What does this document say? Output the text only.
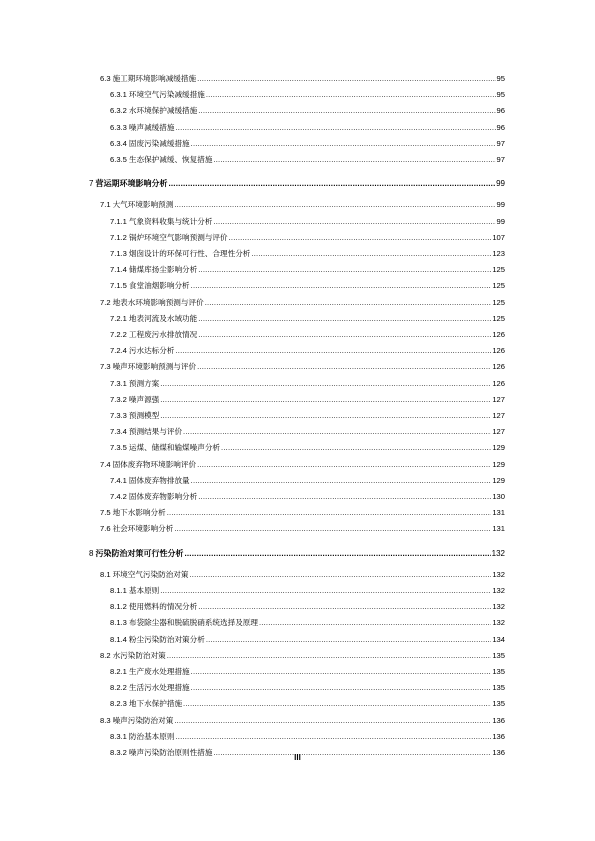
6.3 施工期环境影响减缓措施 .....	95
6.3.1 环境空气污染减缓措施 .....	95
6.3.2 水环境保护减缓措施 .....	96
6.3.3 噪声减缓措施 .....	96
6.3.4 固废污染减缓措施 .....	97
6.3.5 生态保护减缓、恢复措施 .....	97
7 营运期环境影响分析 .....	99
7.1 大气环境影响预测 .....	99
7.1.1 气象资料收集与统计分析 .....	99
7.1.2 锅炉环境空气影响预测与评价 .....	107
7.1.3 烟囱设计的环保可行性、合理性分析 .....	123
7.1.4 储煤库扬尘影响分析 .....	125
7.1.5 食堂油烟影响分析 .....	125
7.2 地表水环境影响预测与评价 .....	125
7.2.1 地表河流及水域功能 .....	125
7.2.2 工程废污水排放情况 .....	126
7.2.4 污水达标分析 .....	126
7.3 噪声环境影响预测与评价 .....	126
7.3.1 预测方案 .....	126
7.3.2 噪声源强 .....	127
7.3.3 预测模型 .....	127
7.3.4 预测结果与评价 .....	127
7.3.5 运煤、储煤和输煤噪声分析 .....	129
7.4 固体废弃物环境影响评价 .....	129
7.4.1 固体废弃物排放量 .....	129
7.4.2 固体废弃物影响分析 .....	130
7.5 地下水影响分析 .....	131
7.6 社会环境影响分析 .....	131
8 污染防治对策可行性分析 .....	132
8.1 环境空气污染防治对策 .....	132
8.1.1 基本原则 .....	132
8.1.2 使用燃料的情况分析 .....	132
8.1.3 布袋除尘器和脱硫脱硝系统选择及原理 .....	132
8.1.4 粉尘污染防治对策分析 .....	134
8.2 水污染防治对策 .....	135
8.2.1 生产废水处理措施 .....	135
8.2.2 生活污水处理措施 .....	135
8.2.3 地下水保护措施 .....	135
8.3 噪声污染防治对策 .....	136
8.3.1 防治基本原则 .....	136
8.3.2 噪声污染防治原则性措施 .....	136
III
